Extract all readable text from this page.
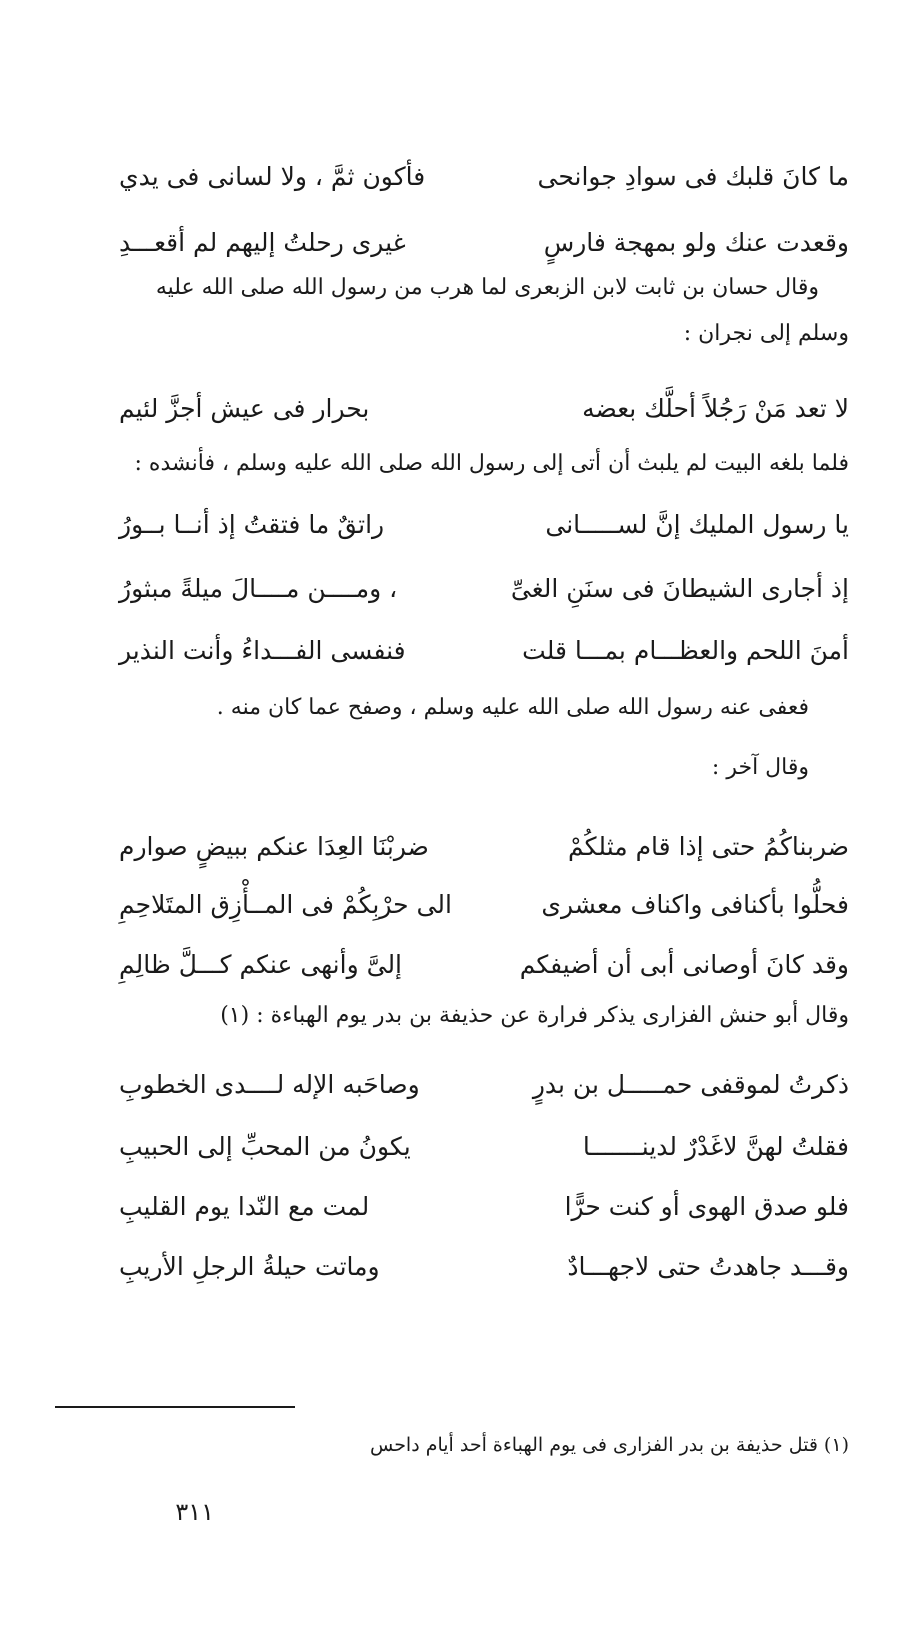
ما كانَ قلبك فى سوادِ جوانحى
فأكون ثمَّ ، ولا لسانى فى يدي
وقعدت عنك ولو بمهجة فارسٍ
غيرى رحلتُ إليهم لم أقعـــدِ
وقال حسان بن ثابت لابن الزبعرى لما هرب من رسول الله صلى الله عليه
وسلم إلى نجران :
لا تعد مَنْ رَجُلاً أحلَّك بعضه
بحرار فى عيش أجزَّ لئيم
فلما بلغه البيت لم يلبث أن أتى إلى رسول الله صلى الله عليه وسلم ، فأنشده :
يا رسول المليك إنَّ لســـــانى
راتقٌ ما فتقتُ إذ أنــا بــورُ
إذ أجارى الشيطانَ فى سنَنِ الغىِّ
، ومــــن مــــالَ ميلةً مبثورُ
أمنَ اللحم والعظـــام بمـــا قلت
فنفسى الفـــداءُ وأنت النذير
فعفى عنه رسول الله صلى الله عليه وسلم ، وصفح عما كان منه .
وقال آخر :
ضربناكُمُ حتى إذا قام مثلكُمْ
ضربْنَا العِدَا عنكم ببيضٍ صوارم
فحلُّوا بأكنافى واكناف معشرى
الى حرْبِكُمْ فى المــأْزِق المتَلاحِمِ
وقد كانَ أوصانى أبى أن أضيفكم
إلىَّ وأنهى عنكم كـــلَّ ظالِمِ
وقال أبو حنش الفزارى يذكر فرارة عن حذيفة بن بدر يوم الهباءة : (١)
ذكرتُ لموقفى حمـــــل بن بدرٍ
وصاحَبه الإله لــــدى الخطوبِ
فقلتُ لهنَّ لاغَدْرٌ لدينـــــــا
يكونُ من المحبِّ إلى الحبيبِ
فلو صدق الهوى أو كنت حرًّا
لمت مع النّدا يوم القليبِ
وقـــد جاهدتُ حتى لاجهـــادٌ
وماتت حيلةُ الرجلِ الأريبِ
(١) قتل حذيفة بن بدر الفزارى فى يوم الهباءة أحد أيام داحس
٣١١
